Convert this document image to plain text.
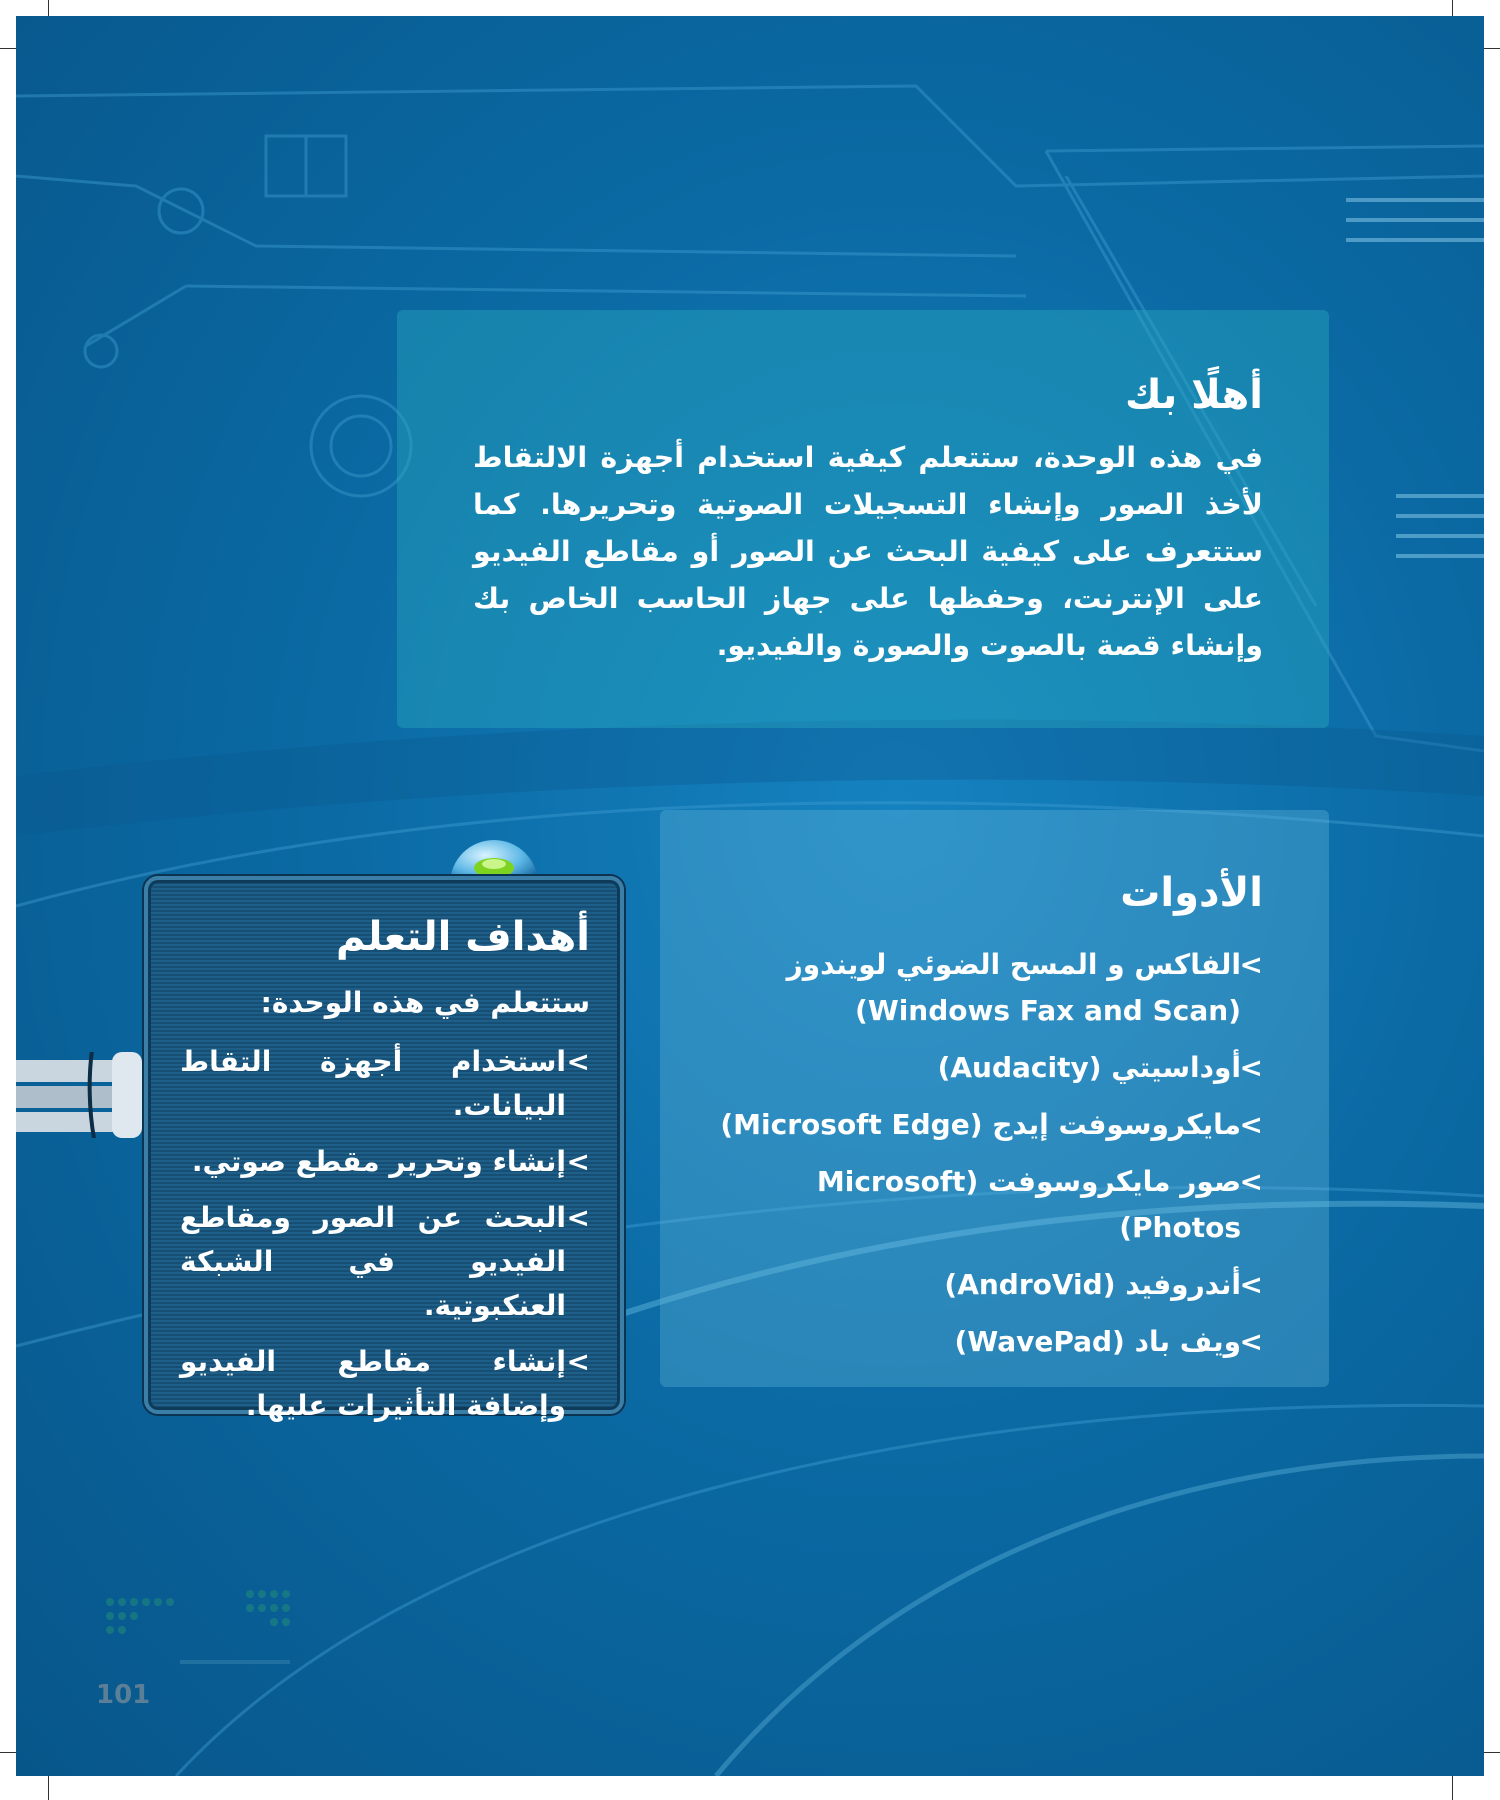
أهلًا بك

في هذه الوحدة، ستتعلم كيفية استخدام أجهزة الالتقاط لأخذ الصور وإنشاء التسجيلات الصوتية وتحريرها. كما ستتعرف على كيفية البحث عن الصور أو مقاطع الفيديو على الإنترنت، وحفظها على جهاز الحاسب الخاص بك وإنشاء قصة بالصوت والصورة والفيديو.

الأدوات
>
الفاكس و المسح الضوئي لويندوز
(Windows Fax and Scan)
>
أوداسيتي (Audacity)
>
مايكروسوفت إيدج (Microsoft Edge)
>
صور مايكروسوفت (Microsoft Photos)
>
أندروفيد (AndroVid)
>
ويف باد (WavePad)
أهداف التعلم

ستتعلم في هذه الوحدة:

>
استخدام أجهزة التقاط البيانات.
>
إنشاء وتحرير مقطع صوتي.
>
البحث عن الصور ومقاطع الفيديو في الشبكة العنكبوتية.
>
إنشاء مقاطع الفيديو وإضافة التأثيرات عليها.

101
